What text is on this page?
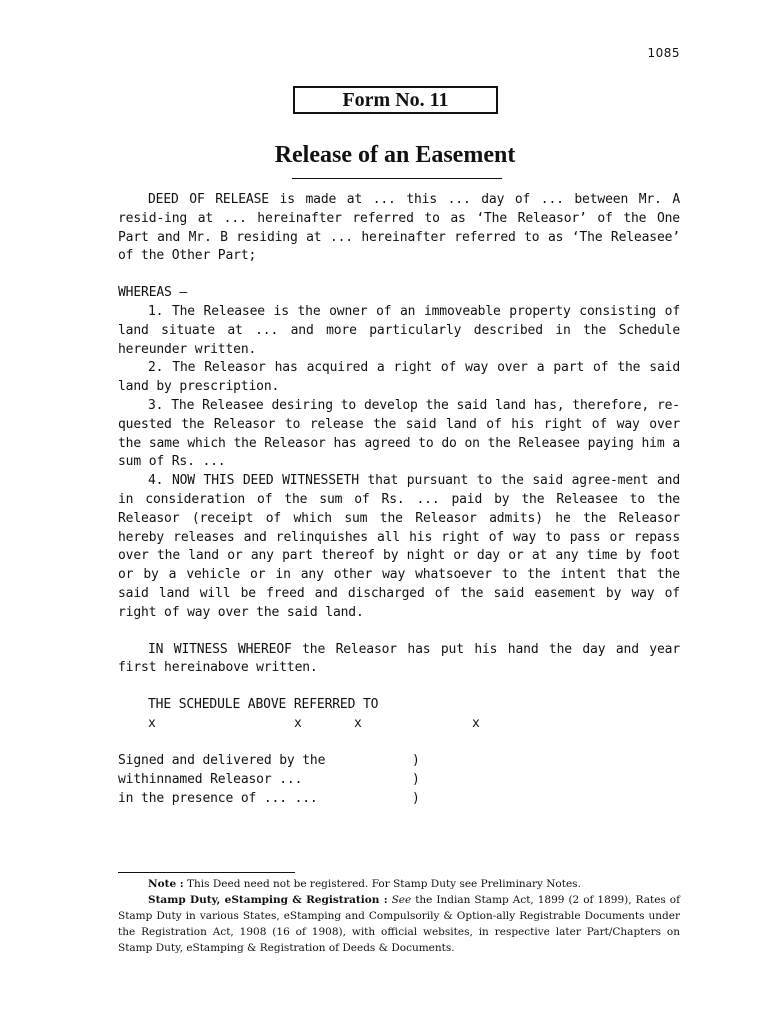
1085
Form No. 11
Release of an Easement

DEED OF RELEASE is made at ... this ... day of ... between Mr. A resid-ing at ... hereinafter referred to as ‘The Releasor’ of the One Part and Mr. B residing at ... hereinafter referred to as ‘The Releasee’ of the Other Part;

WHEREAS —

1. The Releasee is the owner of an immoveable property consisting of land situate at ... and more particularly described in the Schedule hereunder written.

2. The Releasor has acquired a right of way over a part of the said land by prescription.

3. The Releasee desiring to develop the said land has, therefore, re-quested the Releasor to release the said land of his right of way over the same which the Releasor has agreed to do on the Releasee paying him a sum of Rs. ...

4. NOW THIS DEED WITNESSETH that pursuant to the said agree-ment and in consideration of the sum of Rs. ... paid by the Releasee to the Releasor (receipt of which sum the Releasor admits) he the Releasor hereby releases and relinquishes all his right of way to pass or repass over the land or any part thereof by night or day or at any time by foot or by a vehicle or in any other way whatsoever to the intent that the said land will be freed and discharged of the said easement by way of right of way over the said land.

IN WITNESS WHEREOF the Releasor has put his hand the day and year first hereinabove written.

THE SCHEDULE ABOVE REFERRED TO

x	x	x	x
Signed and delivered by the	)
withinnamed Releasor ...	)
in the presence of ... ...	)

Note : This Deed need not be registered. For Stamp Duty see Preliminary Notes.

Stamp Duty, eStamping & Registration : See the Indian Stamp Act, 1899 (2 of 1899), Rates of Stamp Duty in various States, eStamping and Compulsorily & Option-ally Registrable Documents under the Registration Act, 1908 (16 of 1908), with official websites, in respective later Part/Chapters on Stamp Duty, eStamping & Registration of Deeds & Documents.
